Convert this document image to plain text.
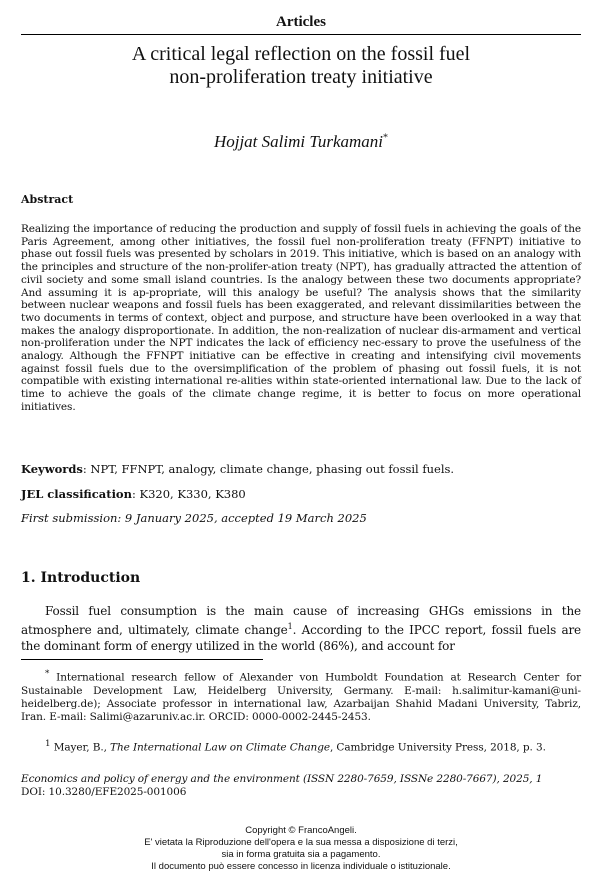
Articles
A critical legal reflection on the fossil fuel
non-proliferation treaty initiative
Hojjat Salimi Turkamani*
Abstract

Realizing the importance of reducing the production and supply of fossil fuels in achieving the goals of the Paris Agreement, among other initiatives, the fossil fuel non-proliferation treaty (FFNPT) initiative to phase out fossil fuels was presented by scholars in 2019. This initiative, which is based on an analogy with the principles and structure of the non-prolifer-ation treaty (NPT), has gradually attracted the attention of civil society and some small island countries. Is the analogy between these two documents appropriate? And assuming it is ap-propriate, will this analogy be useful? The analysis shows that the similarity between nuclear weapons and fossil fuels has been exaggerated, and relevant dissimilarities between the two documents in terms of context, object and purpose, and structure have been overlooked in a way that makes the analogy disproportionate. In addition, the non-realization of nuclear dis-armament and vertical non-proliferation under the NPT indicates the lack of efficiency nec-essary to prove the usefulness of the analogy. Although the FFNPT initiative can be effective in creating and intensifying civil movements against fossil fuels due to the oversimplification of the problem of phasing out fossil fuels, it is not compatible with existing international re-alities within state-oriented international law. Due to the lack of time to achieve the goals of the climate change regime, it is better to focus on more operational initiatives.

Keywords: NPT, FFNPT, analogy, climate change, phasing out fossil fuels.
JEL classification: K320, K330, K380
First submission: 9 January 2025, accepted 19 March 2025
1. Introduction

Fossil fuel consumption is the main cause of increasing GHGs emissions in the atmosphere and, ultimately, climate change$^1$. According to the IPCC report, fossil fuels are the dominant form of energy utilized in the world (86%), and account for

* International research fellow of Alexander von Humboldt Foundation at Research Center for Sustainable Development Law, Heidelberg University, Germany. E-mail: h.salimitur-kamani@uni-heidelberg.de); Associate professor in international law, Azarbaijan Shahid Madani University, Tabriz, Iran. E-mail: Salimi@azaruniv.ac.ir. ORCID: 0000-0002-2445-2453.

$^1$ Mayer, B., The International Law on Climate Change, Cambridge University Press, 2018, p. 3.

Economics and policy of energy and the environment (ISSN 2280-7659, ISSNe 2280-7667), 2025, 1
DOI: 10.3280/EFE2025-001006
Copyright © FrancoAngeli.
E' vietata la Riproduzione dell'opera e la sua messa a disposizione di terzi,
sia in forma gratuita sia a pagamento.
Il documento può essere concesso in licenza individuale o istituzionale.
